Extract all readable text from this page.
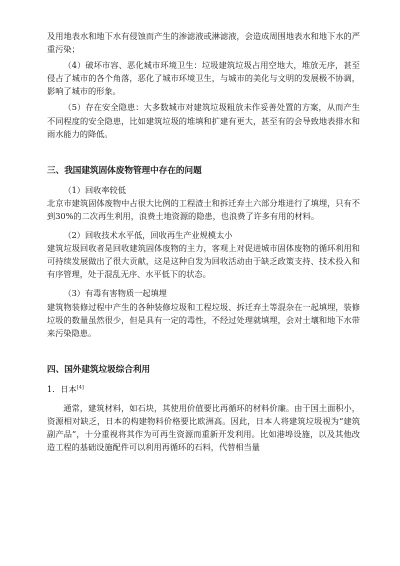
及用地表水和地下水有侵蚀而产生的渗滤液或淋滤液，会造成周围地表水和地下水的严重污染；

（4）破坏市容、恶化城市环境卫生：垃圾建筑垃圾占用空地大，堆放无序，甚至侵占了城市的各个角落，恶化了城市环境卫生，与城市的美化与文明的发展极不协调，影响了城市的形象。

（5）存在安全隐患：大多数城市对建筑垃圾粗放未作妥善处置的方案，从而产生不同程度的安全隐患，比如建筑垃圾的堆填和扩建有更大，甚至有的会导致地表排水和雨水能力的降低。

三、我国建筑固体废物管理中存在的问题

（1）回收率较低

北京市建筑固体废物中占很大比例的工程渣土和拆迁弃土六部分堆进行了填埋，只有不到30%的二次再生利用，浪费土地资源的隐患，也浪费了许多有用的材料。

（2）回收技术水平低，回收再生产业规模太小

建筑垃圾回收者是回收建筑固体废物的主力，客观上对促进城市固体废物的循环利用和可持续发展做出了很大贡献，这是这种自发为回收活动由于缺乏政策支持、技术投入和有序管理，处于混乱无序、水平低下的状态。

（3）有毒有害物质一起填埋

建筑物装修过程中产生的各种装修垃圾和工程垃圾、拆迁弃土等混杂在一起填埋，装修垃圾的数量虽然很少，但是具有一定的毒性，不经过处理就填埋，会对土壤和地下水带来污染隐患。

四、国外建筑垃圾综合利用

1．日本[4]

通常，建筑材料，如石块，其使用价值要比再循环的材料价廉。由于国土面积小，资源相对缺乏，日本的构建物料价格要比欧洲高。因此，日本人将建筑垃圾视为“建筑副产品”，十分重视将其作为可再生资源而重新开发利用。比如港埠设施，以及其他改造工程的基础设施配件可以利用再循环的石料，代替相当量
